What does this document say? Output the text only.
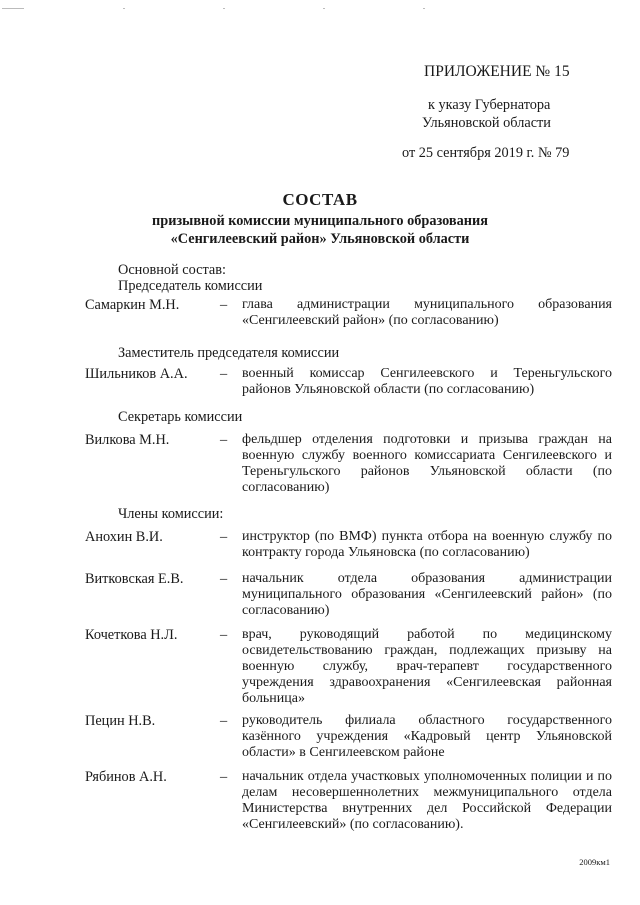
ПРИЛОЖЕНИЕ № 15
к указу Губернатора
Ульяновской области
от 25 сентября 2019 г. № 79
СОСТАВ
призывной комиссии муниципального образования
«Сенгилеевский район» Ульяновской области
Основной состав:
Председатель комиссии
Самаркин М.Н.	– глава администрации муниципального образования «Сенгилеевский район» (по согласованию)
Заместитель председателя комиссии
Шильников А.А. – военный комиссар Сенгилеевского и Тереньгульского районов Ульяновской области (по согласованию)
Секретарь комиссии
Вилкова М.Н.	– фельдшер отделения подготовки и призыва граждан на военную службу военного комиссариата Сенгилеевского и Тереньгульского районов Ульяновской области (по согласованию)
Члены комиссии:
Анохин В.И.	– инструктор (по ВМФ) пункта отбора на военную службу по контракту города Ульяновска (по согласованию)
Витковская Е.В.	– начальник отдела образования администрации муниципального образования «Сенгилеевский район» (по согласованию)
Кочеткова Н.Л.	– врач, руководящий работой по медицинскому освидетельствованию граждан, подлежащих призыву на военную службу, врач-терапевт государственного учреждения здравоохранения «Сенгилеевская районная больница»
Пецин Н.В.	– руководитель филиала областного государственного казённого учреждения «Кадровый центр Ульяновской области» в Сенгилеевском районе
Рябинов А.Н.	– начальник отдела участковых уполномоченных полиции и по делам несовершеннолетних межмуниципального отдела Министерства внутренних дел Российской Федерации «Сенгилеевский» (по согласованию).
2009км1
